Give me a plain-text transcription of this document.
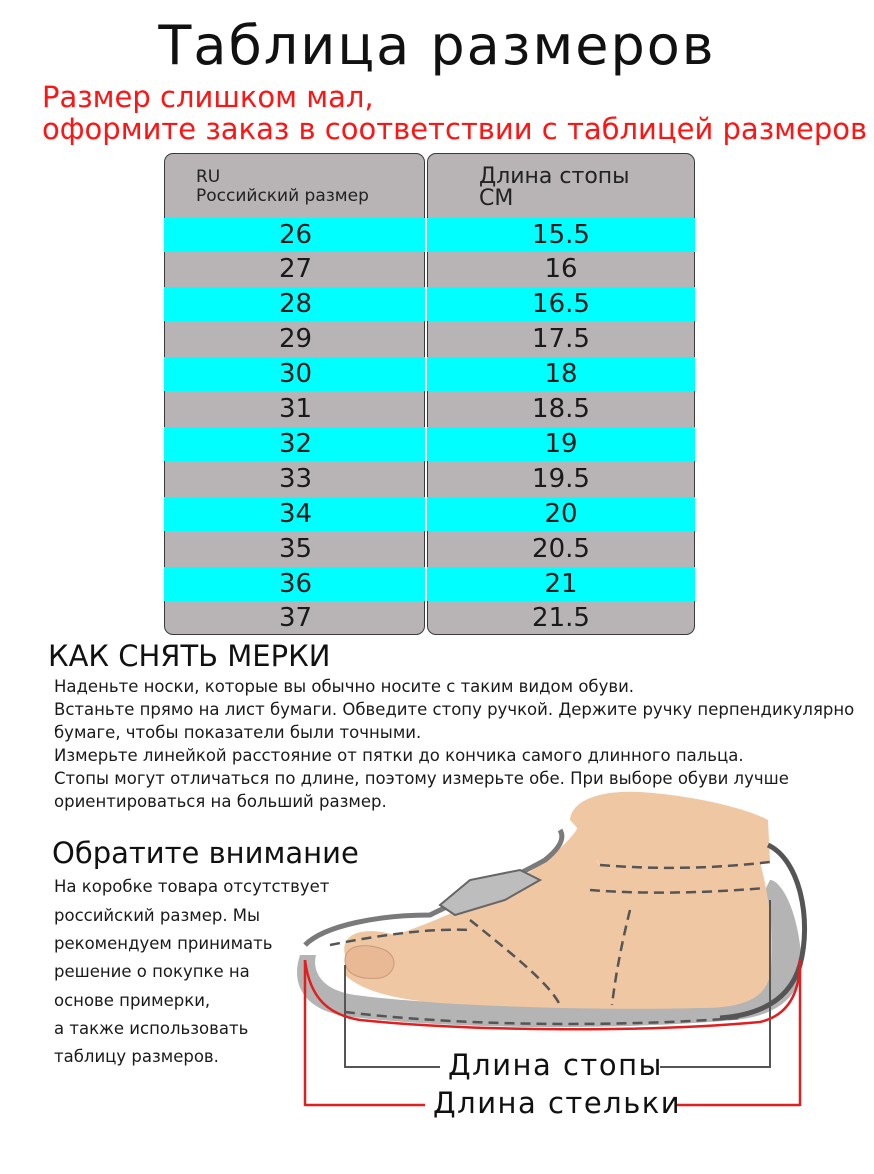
Таблица размеров
Размер слишком мал,
оформите заказ в соответствии с таблицей размеров
RU
Российский размер
Длина стопы
СМ
26	15.5
27	16
28	16.5
29	17.5
30	18
31	18.5
32	19
33	19.5
34	20
35	20.5
36	21
37	21.5
КАК СНЯТЬ МЕРКИ
Наденьте носки, которые вы обычно носите с таким видом обуви.
Встаньте прямо на лист бумаги. Обведите стопу ручкой. Держите ручку перпендикулярно
бумаге, чтобы показатели были точными.
Измерьте линейкой расстояние от пятки до кончика самого длинного пальца.
Стопы могут отличаться по длине, поэтому измерьте обе. При выборе обуви лучше
ориентироваться на больший размер.
Обратите внимание
На коробке товара отсутствует
российский размер. Мы
рекомендуем принимать
решение о покупке на
основе примерки,
а также использовать
таблицу размеров.	Длина стопы
Длина стельки
